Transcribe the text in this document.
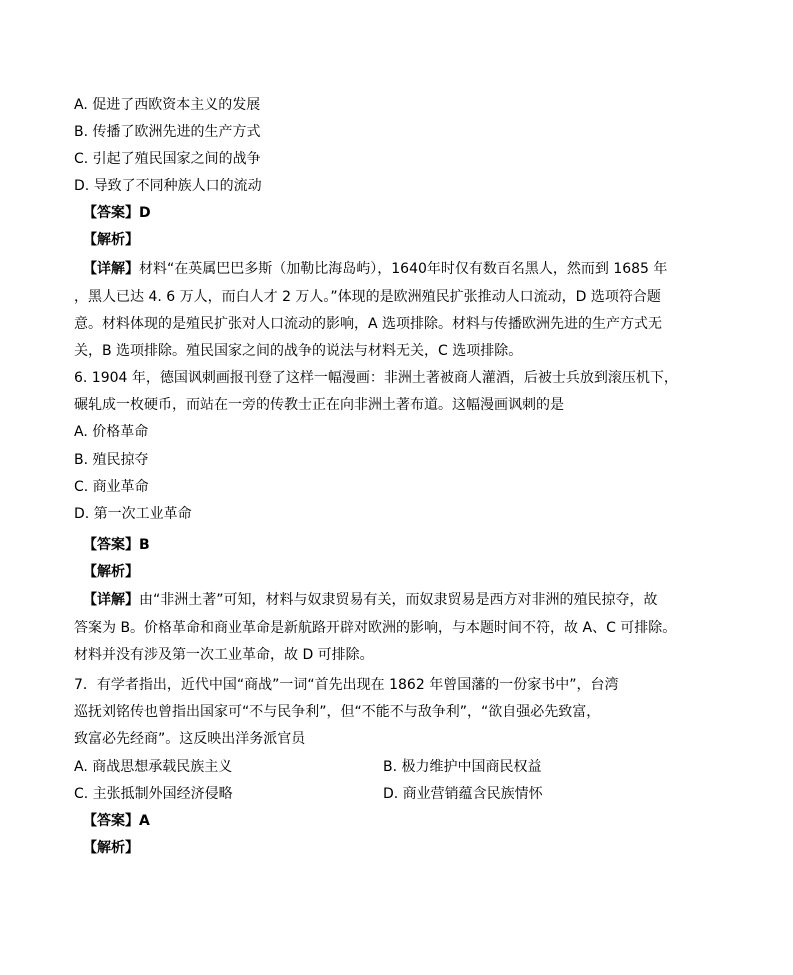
A. 促进了西欧资本主义的发展
B. 传播了欧洲先进的生产方式
C. 引起了殖民国家之间的战争
D. 导致了不同种族人口的流动
【答案】D
【解析】
【详解】材料“在英属巴巴多斯（加勒比海岛屿），1640年时仅有数百名黑人，然而到 1685 年
，黑人已达 4. 6 万人，而白人才 2 万人。”体现的是欧洲殖民扩张推动人口流动，D 选项符合题
意。材料体现的是殖民扩张对人口流动的影响，A 选项排除。材料与传播欧洲先进的生产方式无
关，B 选项排除。殖民国家之间的战争的说法与材料无关，C 选项排除。
6. 1904 年，德国讽刺画报刊登了这样一幅漫画：非洲土著被商人灌酒，后被士兵放到滚压机下，
碾轧成一枚硬币，而站在一旁的传教士正在向非洲土著布道。这幅漫画讽刺的是
A. 价格革命
B. 殖民掠夺
C. 商业革命
D. 第一次工业革命
【答案】B
【解析】
【详解】由“非洲土著”可知，材料与奴隶贸易有关，而奴隶贸易是西方对非洲的殖民掠夺，故
答案为 B。价格革命和商业革命是新航路开辟对欧洲的影响，与本题时间不符，故 A、C 可排除。
材料并没有涉及第一次工业革命，故 D 可排除。
7．有学者指出，近代中国“商战”一词“首先出现在 1862 年曾国藩的一份家书中”，台湾
巡抚刘铭传也曾指出国家可“不与民争利”，但“不能不与敌争利”，“欲自强必先致富，
致富必先经商”。这反映出洋务派官员
A. 商战思想承载民族主义	B. 极力维护中国商民权益
C. 主张抵制外国经济侵略	D. 商业营销蕴含民族情怀
【答案】A
【解析】
